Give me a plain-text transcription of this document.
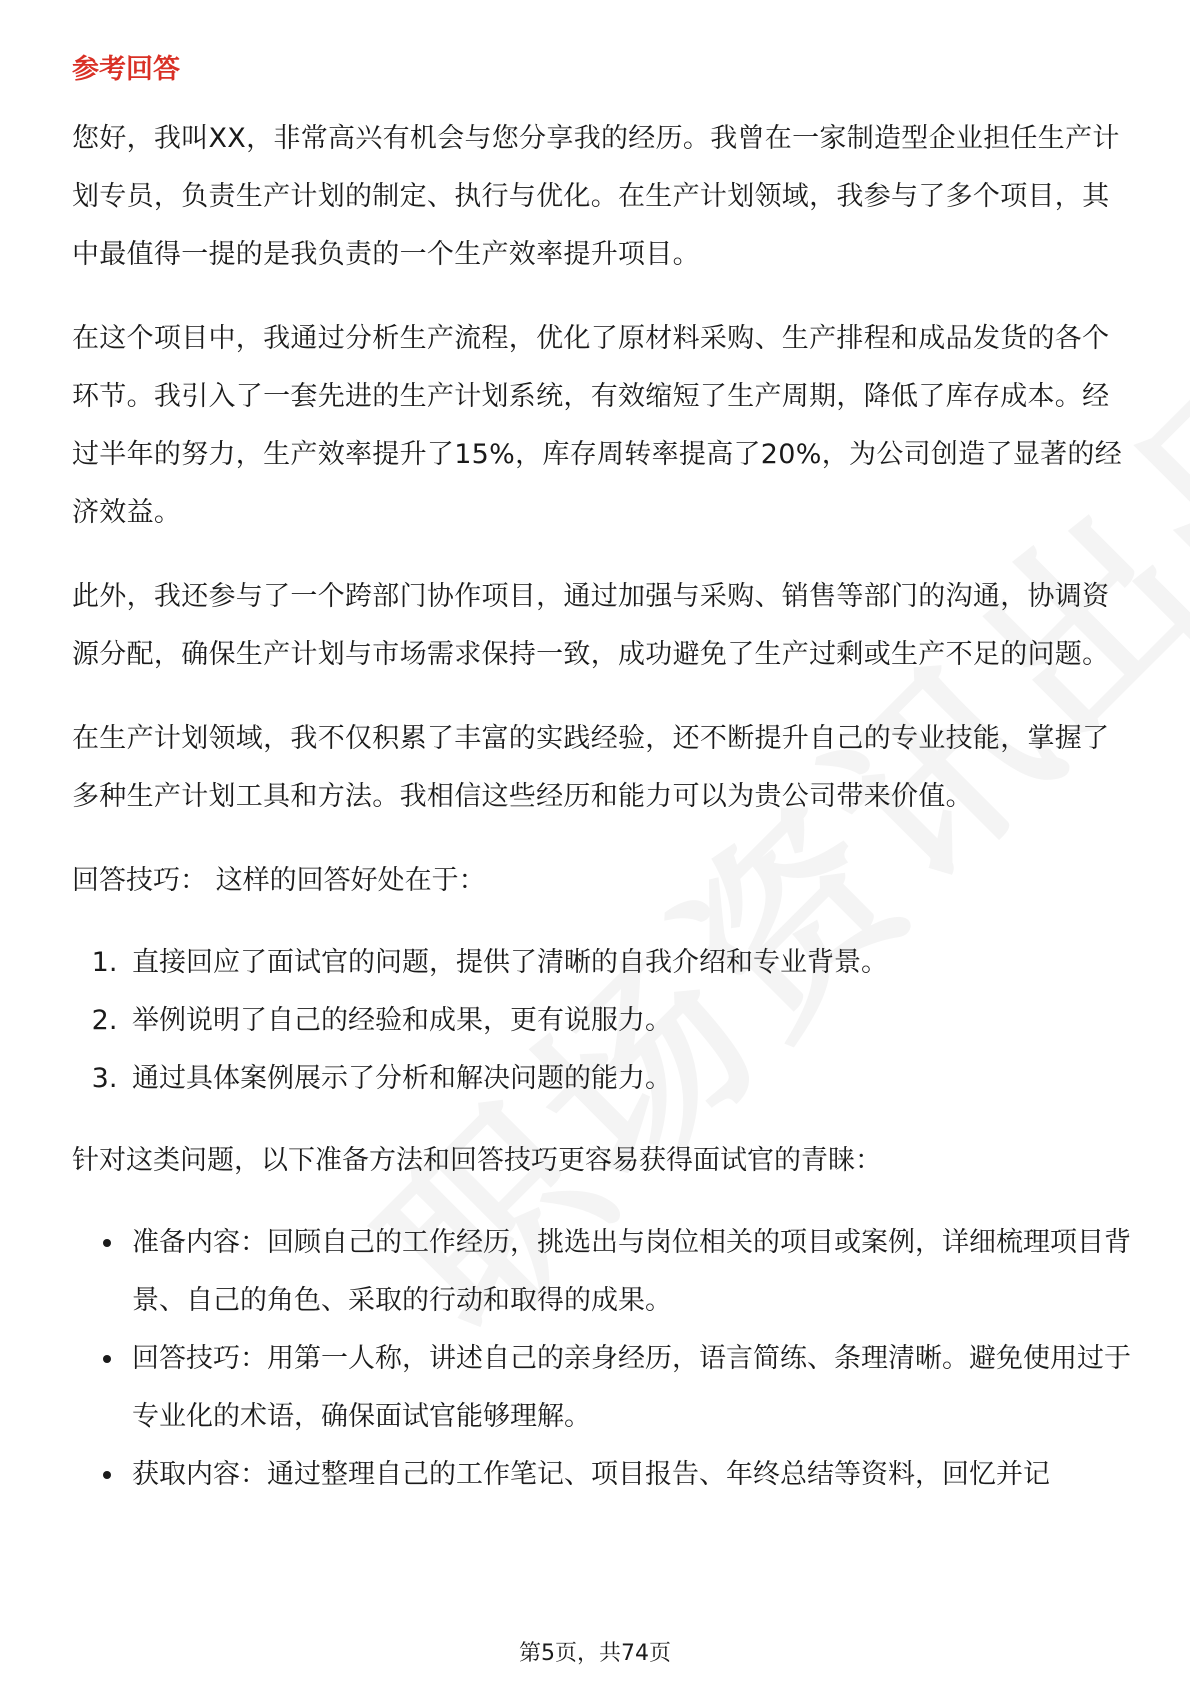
参考回答

您好，我叫XX，非常高兴有机会与您分享我的经历。我曾在一家制造型企业担任生产计划专员，负责生产计划的制定、执行与优化。在生产计划领域，我参与了多个项目，其中最值得一提的是我负责的一个生产效率提升项目。

在这个项目中，我通过分析生产流程，优化了原材料采购、生产排程和成品发货的各个环节。我引入了一套先进的生产计划系统，有效缩短了生产周期，降低了库存成本。经过半年的努力，生产效率提升了15%，库存周转率提高了20%，为公司创造了显著的经济效益。

此外，我还参与了一个跨部门协作项目，通过加强与采购、销售等部门的沟通，协调资源分配，确保生产计划与市场需求保持一致，成功避免了生产过剩或生产不足的问题。

在生产计划领域，我不仅积累了丰富的实践经验，还不断提升自己的专业技能，掌握了多种生产计划工具和方法。我相信这些经历和能力可以为贵公司带来价值。

回答技巧： 这样的回答好处在于：

1. 直接回应了面试官的问题，提供了清晰的自我介绍和专业背景。
2. 举例说明了自己的经验和成果，更有说服力。
3. 通过具体案例展示了分析和解决问题的能力。

针对这类问题，以下准备方法和回答技巧更容易获得面试官的青睐：

• 准备内容：回顾自己的工作经历，挑选出与岗位相关的项目或案例，详细梳理项目背景、自己的角色、采取的行动和取得的成果。
• 回答技巧：用第一人称，讲述自己的亲身经历，语言简练、条理清晰。避免使用过于专业化的术语，确保面试官能够理解。
• 获取内容：通过整理自己的工作笔记、项目报告、年终总结等资料，回忆并记
第5页，共74页
